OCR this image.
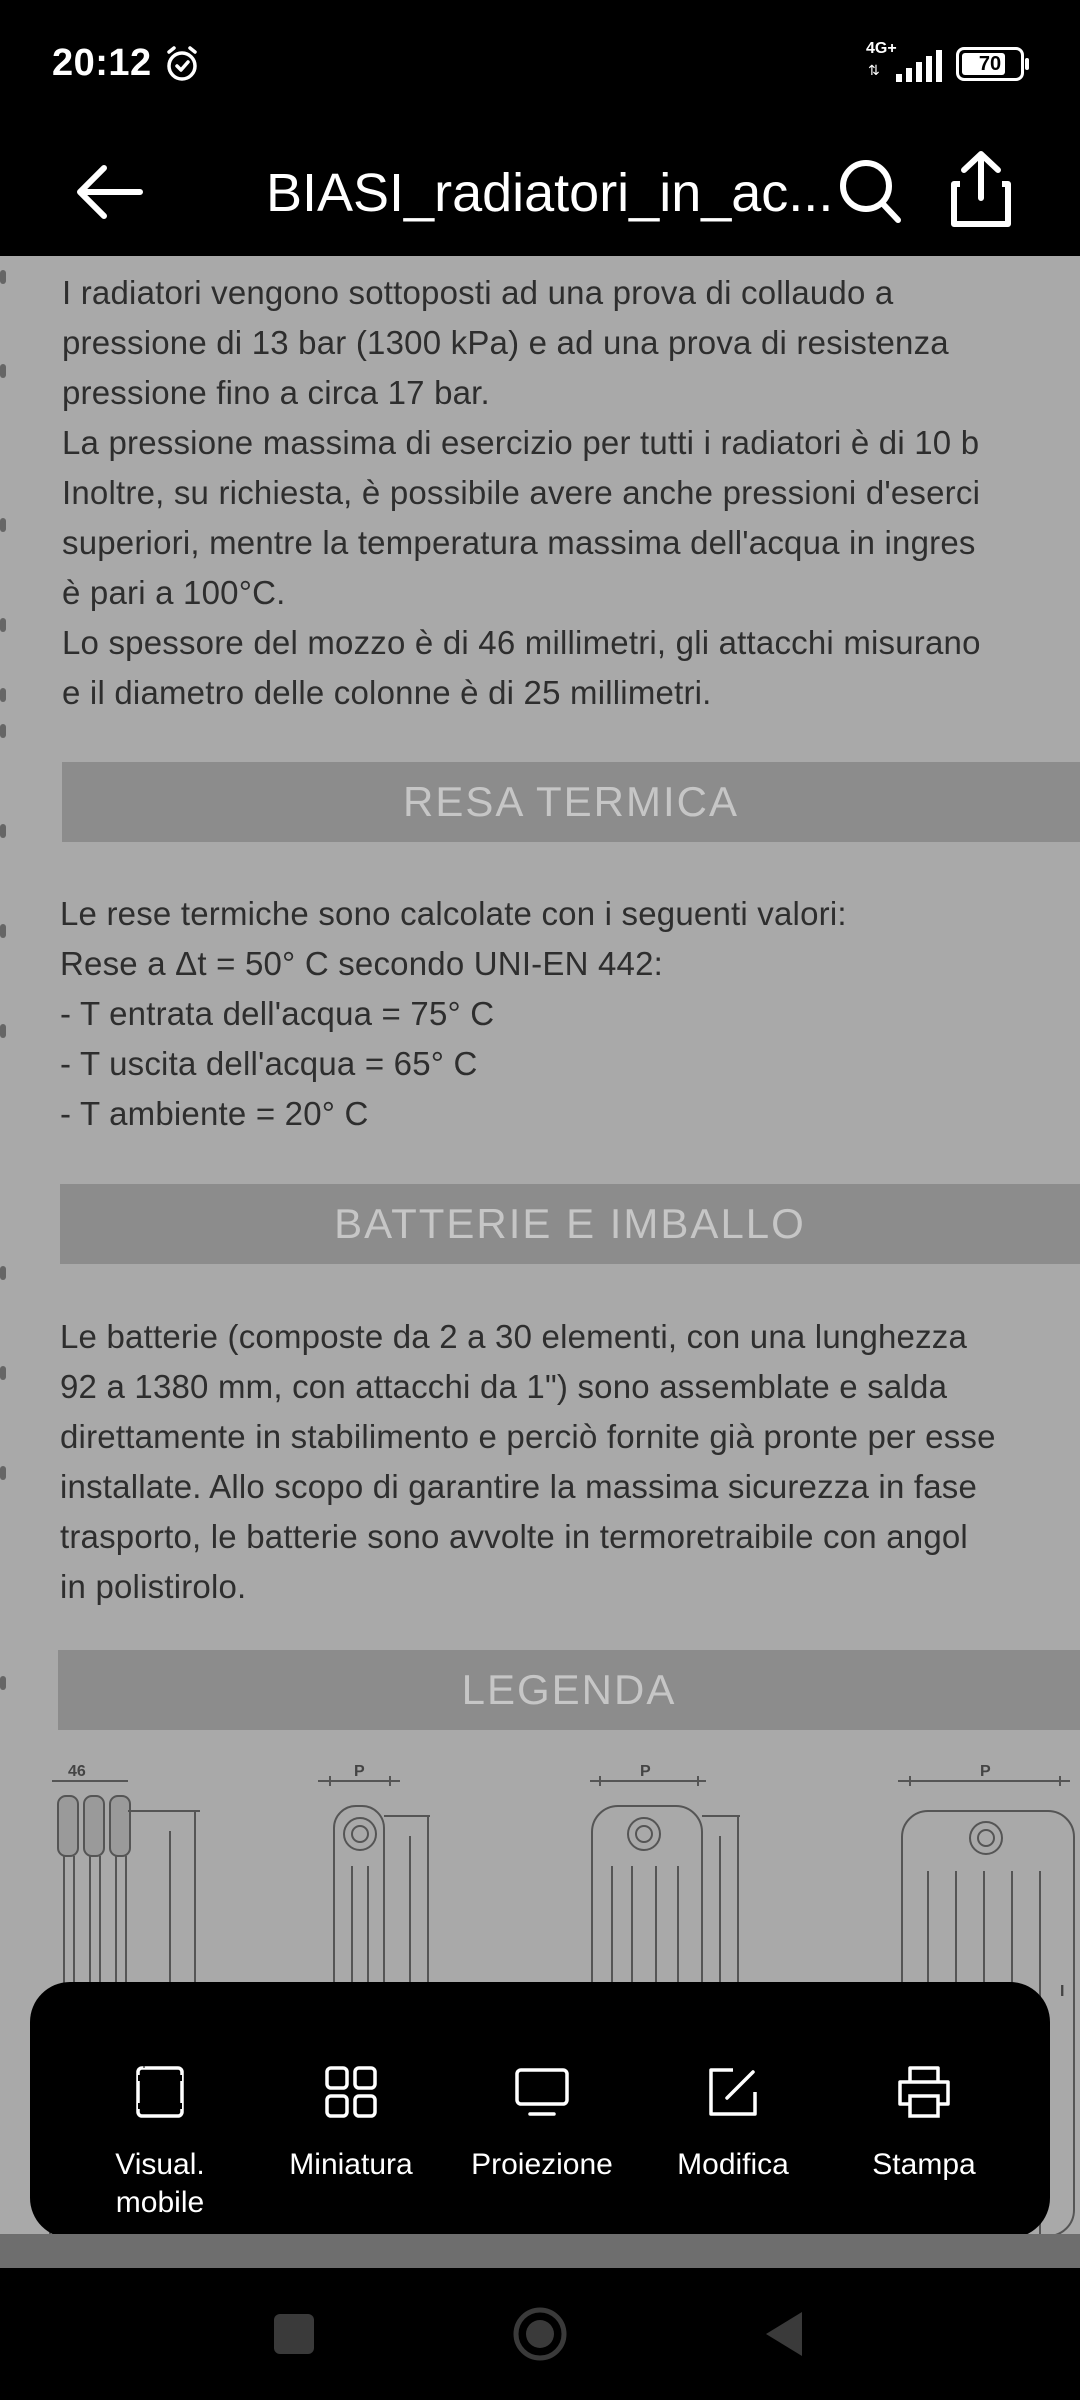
20:12	4G+
⇅	70
BIASI_radiatori_in_ac...
I radiatori vengono sottoposti ad una prova di collaudo a
pressione di 13 bar (1300 kPa) e ad una prova di resistenza
pressione fino a circa 17 bar.
La pressione massima di esercizio per tutti i radiatori è di 10 b
Inoltre, su richiesta, è possibile avere anche pressioni d'eserci
superiori, mentre la temperatura massima dell'acqua in ingres
è pari a 100°C.
Lo spessore del mozzo è di 46 millimetri, gli attacchi misurano
e il diametro delle colonne è di 25 millimetri.
RESA TERMICA
Le rese termiche sono calcolate con i seguenti valori:
Rese a Δt = 50° C secondo UNI-EN 442:
- T entrata dell'acqua = 75° C
- T uscita dell'acqua = 65° C
- T ambiente = 20° C
BATTERIE E IMBALLO
Le batterie (composte da 2 a 30 elementi, con una lunghezza
92 a 1380 mm, con attacchi da 1") sono assemblate e salda
direttamente in stabilimento e perciò fornite già pronte per esse
installate. Allo scopo di garantire la massima sicurezza in fase
trasporto, le batterie sono avvolte in termoretraibile con angol
in polistirolo.
LEGENDA
46	P	P	P
I
Visual.
mobile
Miniatura Proiezione Modifica	Stampa
